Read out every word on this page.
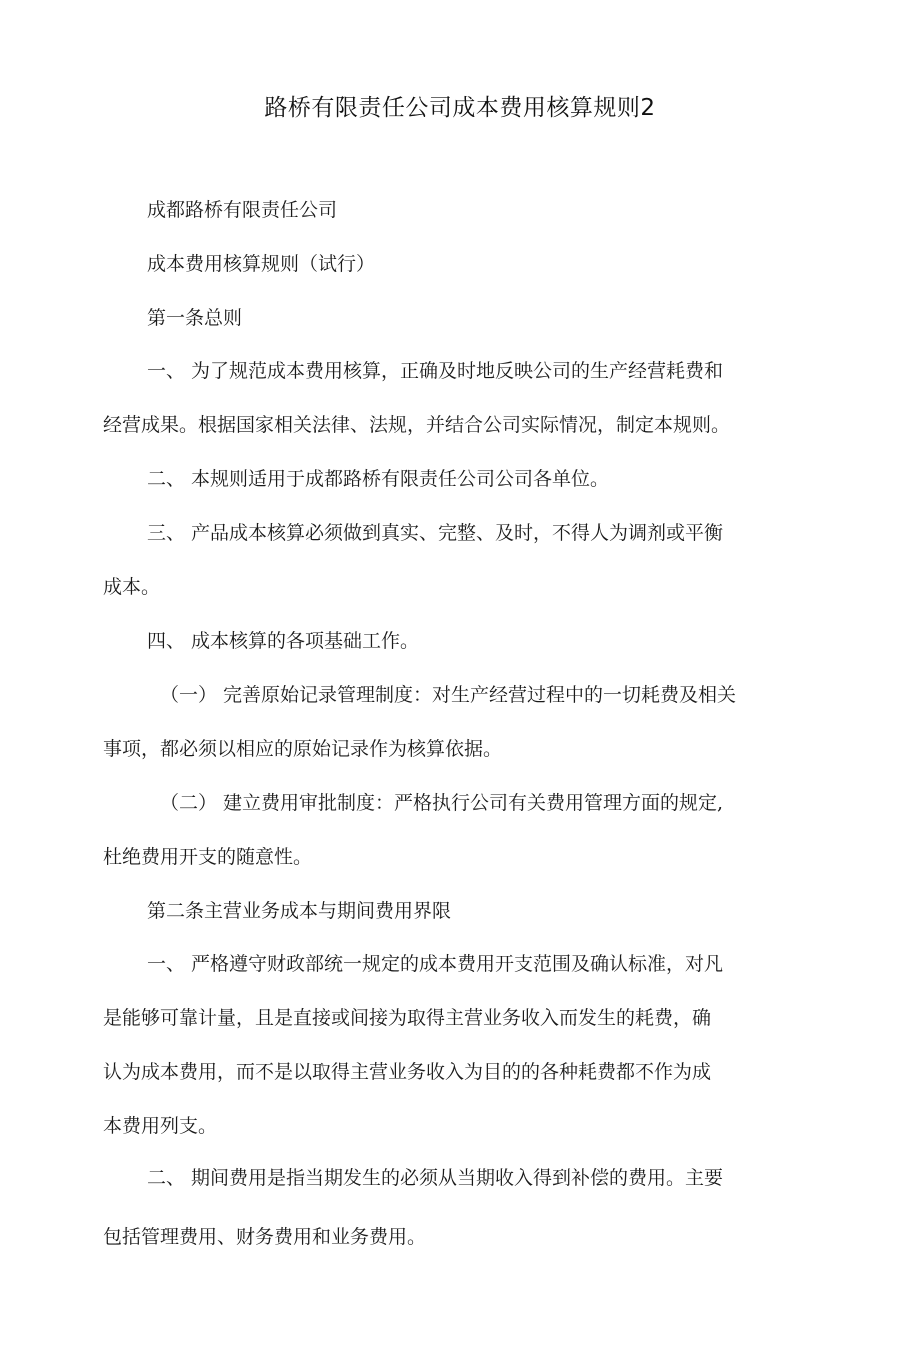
路桥有限责任公司成本费用核算规则2
成都路桥有限责任公司
成本费用核算规则（试行）
第一条总则
一、 为了规范成本费用核算，正确及时地反映公司的生产经营耗费和
经营成果。根据国家相关法律、法规，并结合公司实际情况，制定本规则。
二、 本规则适用于成都路桥有限责任公司公司各单位。
三、 产品成本核算必须做到真实、完整、及时，不得人为调剂或平衡
成本。
四、 成本核算的各项基础工作。
（一） 完善原始记录管理制度：对生产经营过程中的一切耗费及相关
事项，都必须以相应的原始记录作为核算依据。
（二） 建立费用审批制度：严格执行公司有关费用管理方面的规定,
杜绝费用开支的随意性。
第二条主营业务成本与期间费用界限
一、 严格遵守财政部统一规定的成本费用开支范围及确认标准，对凡
是能够可靠计量，且是直接或间接为取得主营业务收入而发生的耗费，确
认为成本费用，而不是以取得主营业务收入为目的的各种耗费都不作为成
本费用列支。
二、 期间费用是指当期发生的必须从当期收入得到补偿的费用。主要
包括管理费用、财务费用和业务费用。
